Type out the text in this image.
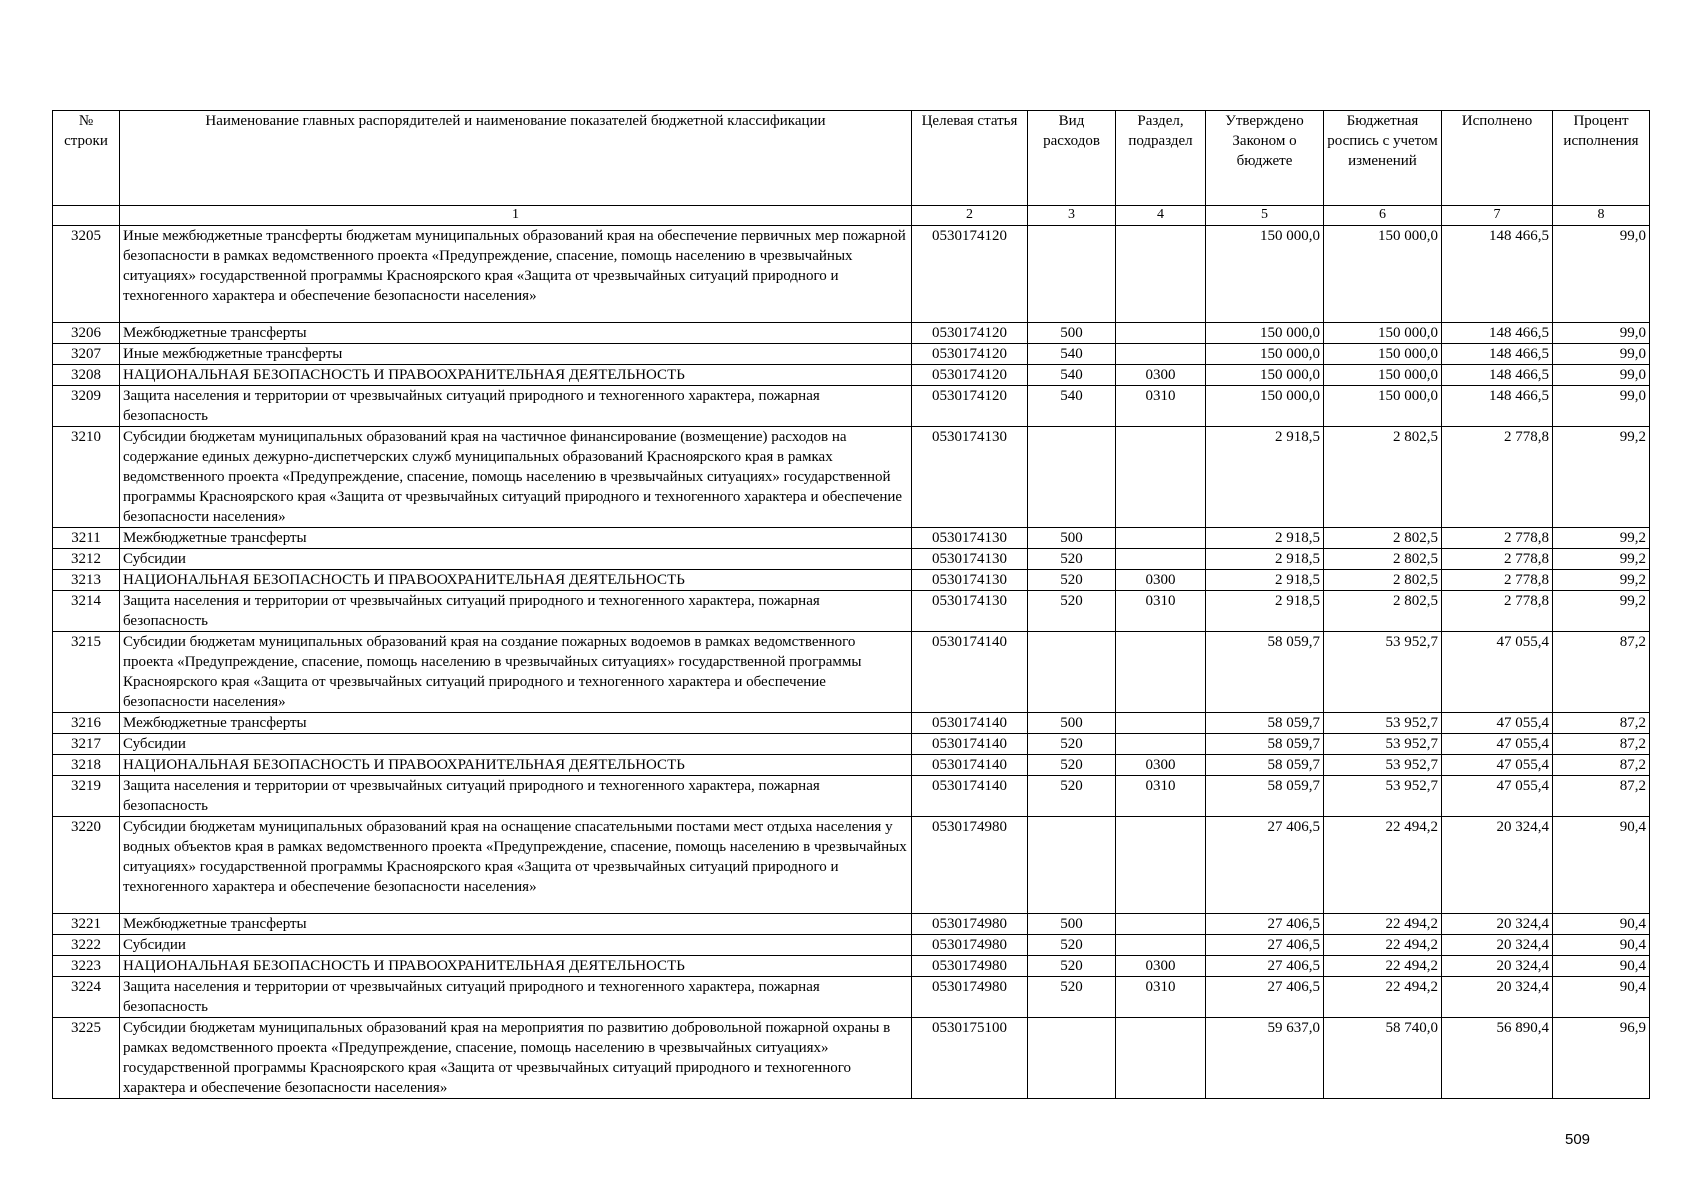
№ строки	Наименование главных распорядителей и наименование показателей бюджетной классификации	Целевая статья	Вид расходов	Раздел, подраздел	Утверждено Законом о бюджете	Бюджетная роспись с учетом изменений	Исполнено	Процент исполнения
	1	2	3	4	5	6	7	8
3205	Иные межбюджетные трансферты бюджетам муниципальных образований края на обеспечение первичных мер пожарной безопасности в рамках ведомственного проекта «Предупреждение, спасение, помощь населению в чрезвычайных ситуациях» государственной программы Красноярского края «Защита от чрезвычайных ситуаций природного и техногенного характера и обеспечение безопасности населения»	0530174120			150 000,0	150 000,0	148 466,5	99,0
3206	Межбюджетные трансферты	0530174120	500		150 000,0	150 000,0	148 466,5	99,0
3207	Иные межбюджетные трансферты	0530174120	540		150 000,0	150 000,0	148 466,5	99,0
3208	НАЦИОНАЛЬНАЯ БЕЗОПАСНОСТЬ И ПРАВООХРАНИТЕЛЬНАЯ ДЕЯТЕЛЬНОСТЬ	0530174120	540	0300	150 000,0	150 000,0	148 466,5	99,0
3209	Защита населения и территории от чрезвычайных ситуаций природного и техногенного характера, пожарная безопасность	0530174120	540	0310	150 000,0	150 000,0	148 466,5	99,0
3210	Субсидии бюджетам муниципальных образований края на частичное финансирование (возмещение) расходов на содержание единых дежурно-диспетчерских служб муниципальных образований Красноярского края в рамках ведомственного проекта «Предупреждение, спасение, помощь населению в чрезвычайных ситуациях» государственной программы Красноярского края «Защита от чрезвычайных ситуаций природного и техногенного характера и обеспечение безопасности населения»	0530174130			2 918,5	2 802,5	2 778,8	99,2
3211	Межбюджетные трансферты	0530174130	500		2 918,5	2 802,5	2 778,8	99,2
3212	Субсидии	0530174130	520		2 918,5	2 802,5	2 778,8	99,2
3213	НАЦИОНАЛЬНАЯ БЕЗОПАСНОСТЬ И ПРАВООХРАНИТЕЛЬНАЯ ДЕЯТЕЛЬНОСТЬ	0530174130	520	0300	2 918,5	2 802,5	2 778,8	99,2
3214	Защита населения и территории от чрезвычайных ситуаций природного и техногенного характера, пожарная безопасность	0530174130	520	0310	2 918,5	2 802,5	2 778,8	99,2
3215	Субсидии бюджетам муниципальных образований края на создание пожарных водоемов в рамках ведомственного проекта «Предупреждение, спасение, помощь населению в чрезвычайных ситуациях» государственной программы Красноярского края «Защита от чрезвычайных ситуаций природного и техногенного характера и обеспечение безопасности населения»	0530174140			58 059,7	53 952,7	47 055,4	87,2
3216	Межбюджетные трансферты	0530174140	500		58 059,7	53 952,7	47 055,4	87,2
3217	Субсидии	0530174140	520		58 059,7	53 952,7	47 055,4	87,2
3218	НАЦИОНАЛЬНАЯ БЕЗОПАСНОСТЬ И ПРАВООХРАНИТЕЛЬНАЯ ДЕЯТЕЛЬНОСТЬ	0530174140	520	0300	58 059,7	53 952,7	47 055,4	87,2
3219	Защита населения и территории от чрезвычайных ситуаций природного и техногенного характера, пожарная безопасность	0530174140	520	0310	58 059,7	53 952,7	47 055,4	87,2
3220	Субсидии бюджетам муниципальных образований края на оснащение спасательными постами мест отдыха населения у водных объектов края в рамках ведомственного проекта «Предупреждение, спасение, помощь населению в чрезвычайных ситуациях» государственной программы Красноярского края «Защита от чрезвычайных ситуаций природного и техногенного характера и обеспечение безопасности населения»	0530174980			27 406,5	22 494,2	20 324,4	90,4
3221	Межбюджетные трансферты	0530174980	500		27 406,5	22 494,2	20 324,4	90,4
3222	Субсидии	0530174980	520		27 406,5	22 494,2	20 324,4	90,4
3223	НАЦИОНАЛЬНАЯ БЕЗОПАСНОСТЬ И ПРАВООХРАНИТЕЛЬНАЯ ДЕЯТЕЛЬНОСТЬ	0530174980	520	0300	27 406,5	22 494,2	20 324,4	90,4
3224	Защита населения и территории от чрезвычайных ситуаций природного и техногенного характера, пожарная безопасность	0530174980	520	0310	27 406,5	22 494,2	20 324,4	90,4
3225	Субсидии бюджетам муниципальных образований края на мероприятия по развитию добровольной пожарной охраны в рамках ведомственного проекта «Предупреждение, спасение, помощь населению в чрезвычайных ситуациях» государственной программы Красноярского края «Защита от чрезвычайных ситуаций природного и техногенного характера и обеспечение безопасности населения»	0530175100			59 637,0	58 740,0	56 890,4	96,9
509
